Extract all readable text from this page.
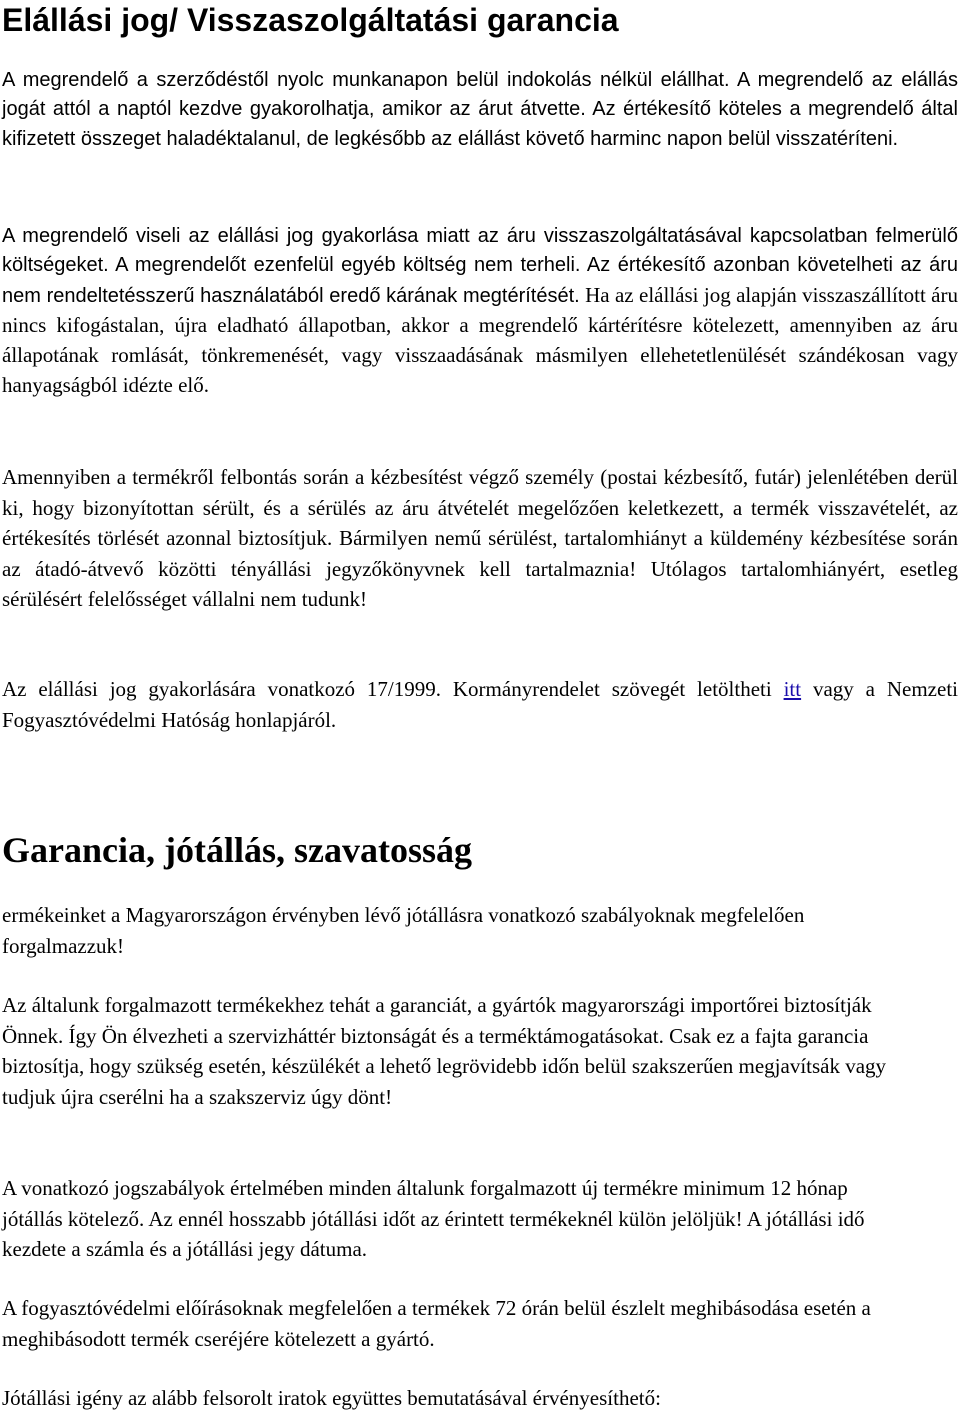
Elállási jog/ Visszaszolgáltatási garancia

A megrendelő a szerződéstől nyolc munkanapon belül indokolás nélkül elállhat. A megrendelő az elállás jogát attól a naptól kezdve gyakorolhatja, amikor az árut átvette. Az értékesítő köteles a megrendelő által kifizetett összeget haladéktalanul, de legkésőbb az elállást követő harminc napon belül visszatéríteni.

A megrendelő viseli az elállási jog gyakorlása miatt az áru visszaszolgáltatásával kapcsolatban felmerülő költségeket. A megrendelőt ezenfelül egyéb költség nem terheli. Az értékesítő azonban követelheti az áru nem rendeltetésszerű használatából eredő kárának megtérítését. Ha az elállási jog alapján visszaszállított áru nincs kifogástalan, újra eladható állapotban, akkor a megrendelő kártérítésre kötelezett, amennyiben az áru állapotának romlását, tönkremenését, vagy visszaadásának másmilyen ellehetetlenülését szándékosan vagy hanyagságból idézte elő.

Amennyiben a termékről felbontás során a kézbesítést végző személy (postai kézbesítő, futár) jelenlétében derül ki, hogy bizonyítottan sérült, és a sérülés az áru átvételét megelőzően keletkezett, a termék visszavételét, az értékesítés törlését azonnal biztosítjuk. Bármilyen nemű sérülést, tartalomhiányt a küldemény kézbesítése során az átadó-átvevő közötti tényállási jegyzőkönyvnek kell tartalmaznia! Utólagos tartalomhiányért, esetleg sérülésért felelősséget vállalni nem tudunk!

Az elállási jog gyakorlására vonatkozó 17/1999. Kormányrendelet szövegét letöltheti itt vagy a Nemzeti Fogyasztóvédelmi Hatóság honlapjáról.

Garancia, jótállás, szavatosság

ermékeinket a Magyarországon érvényben lévő jótállásra vonatkozó szabályoknak megfelelően forgalmazzuk!

Az általunk forgalmazott termékekhez tehát a garanciát, a gyártók magyarországi importőrei biztosítják Önnek. Így Ön élvezheti a szervizháttér biztonságát és a terméktámogatásokat. Csak ez a fajta garancia biztosítja, hogy szükség esetén, készülékét a lehető legrövidebb időn belül szakszerűen megjavítsák vagy tudjuk újra cserélni ha a szakszerviz úgy dönt!

A vonatkozó jogszabályok értelmében minden általunk forgalmazott új termékre minimum 12 hónap jótállás kötelező. Az ennél hosszabb jótállási időt az érintett termékeknél külön jelöljük! A jótállási idő kezdete a számla és a jótállási jegy dátuma.

A fogyasztóvédelmi előírásoknak megfelelően a termékek 72 órán belül észlelt meghibásodása esetén a meghibásodott termék cseréjére kötelezett a gyártó.

Jótállási igény az alább felsorolt iratok együttes bemutatásával érvényesíthető:
